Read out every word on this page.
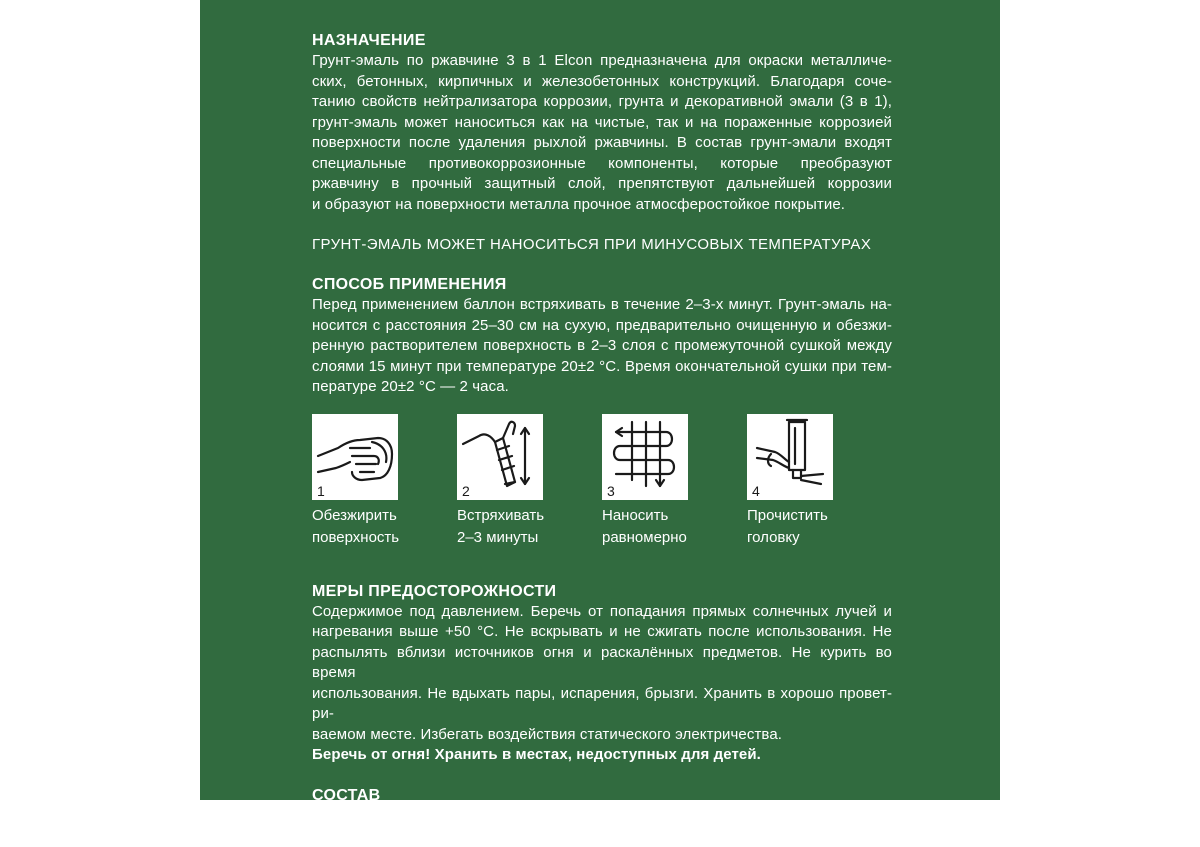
НАЗНАЧЕНИЕ

Грунт-эмаль по ржавчине 3 в 1 Elcon предназначена для окраски металличе-
ских, бетонных, кирпичных и железобетонных конструкций. Благодаря соче-
танию свойств нейтрализатора коррозии, грунта и декоративной эмали (3 в 1),
грунт-эмаль может наноситься как на чистые, так и на пораженные коррозией
поверхности после удаления рыхлой ржавчины. В состав грунт-эмали входят
специальные противокоррозионные компоненты, которые преобразуют
ржавчину в прочный защитный слой, препятствуют дальнейшей коррозии
и образуют на поверхности металла прочное атмосферостойкое покрытие.

ГРУНТ-ЭМАЛЬ МОЖЕТ НАНОСИТЬСЯ ПРИ МИНУСОВЫХ ТЕМПЕРАТУРАХ
СПОСОБ ПРИМЕНЕНИЯ

Перед применением баллон встряхивать в течение 2–3-х минут. Грунт-эмаль на-
носится с расстояния 25–30 см на сухую, предварительно очищенную и обезжи-
ренную растворителем поверхность в 2–3 слоя с промежуточной сушкой между
слоями 15 минут при температуре 20±2 °С. Время окончательной сушки при тем-
пературе 20±2 °С — 2 часа.

1
Обезжирить
поверхность
2
Встряхивать
2–3 минуты
3
Наносить
равномерно
4
Прочистить
головку
МЕРЫ ПРЕДОСТОРОЖНОСТИ

Содержимое под давлением. Беречь от попадания прямых солнечных лучей и
нагревания выше +50 °С. Не вскрывать и не сжигать после использования. Не
распылять вблизи источников огня и раскалённых предметов. Не курить во время
использования. Не вдыхать пары, испарения, брызги. Хранить в хорошо проветри-
ваемом месте. Избегать воздействия статического электричества.
Беречь от огня! Хранить в местах, недоступных для детей.

СОСТАВ

Синтетические смолы, пигменты, наполнители, ароматические углеводороды,
пропан, бутан.
